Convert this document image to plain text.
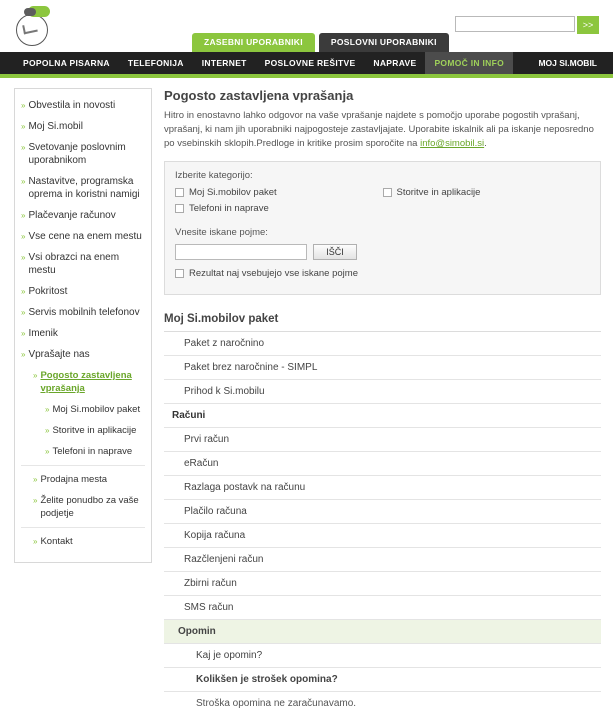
>>
ZASEBNI UPORABNIKI	POSLOVNI UPORABNIKI
POPOLNA PISARNA	TELEFONIJA	INTERNET	POSLOVNE REŠITVE	NAPRAVE	POMOČ IN INFO	MOJ SI.MOBIL
» Obvestila in novosti
» Moj Si.mobil
» Svetovanje poslovnim uporabnikom
» Nastavitve, programska oprema in koristni namigi
» Plačevanje računov
» Vse cene na enem mestu
» Vsi obrazci na enem mestu
» Pokritost
» Servis mobilnih telefonov
» Imenik
» Vprašajte nas
» Pogosto zastavljena vprašanja
» Moj Si.mobilov paket
» Storitve in aplikacije
» Telefoni in naprave
» Prodajna mesta
» Želite ponudbo za vaše podjetje
» Kontakt
Pogosto zastavljena vprašanja
Hitro in enostavno lahko odgovor na vaše vprašanje najdete s pomočjo uporabe pogostih vprašanj, vprašanj, ki nam jih uporabniki najpogosteje zastavljajate. Uporabite iskalnik ali pa iskanje neposredno po vsebinskih sklopih.Predloge in kritike prosim sporočite na info@simobil.si.
Izberite kategorijo:
Moj Si.mobilov paket
Telefoni in naprave
Storitve in aplikacije
Vnesite iskane pojme:
IŠČI
Rezultat naj vsebujejo vse iskane pojme
Moj Si.mobilov paket
Paket z naročnino
Paket brez naročnine - SIMPL
Prihod k Si.mobilu
Računi
Prvi račun
eRačun
Razlaga postavk na računu
Plačilo računa
Kopija računa
Razčlenjeni račun
Zbirni račun
SMS račun
Opomin
Kaj je opomin?
Kolikšen je strošek opomina?
Stroška opomina ne zaračunavamo.
